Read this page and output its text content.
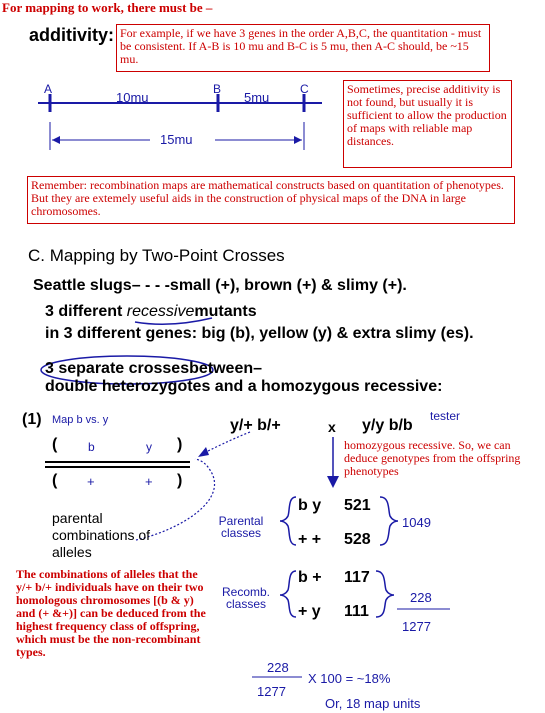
For mapping to work, there must be –
additivity: For example, if we have 3 genes in the order A,B,C, the quantitation - must be consistent. If A-B is 10 mu and B-C is 5 mu, then A-C should, be ~15 mu.
A	B	C
10mu	5mu
15mu
Sometimes, precise additivity is not found, but usually it is sufficient to allow the production of maps with reliable map distances.
Remember: recombination maps are mathematical constructs based on quantitation of phenotypes. But they are extemely useful aids in the construction of physical maps of the DNA in large chromosomes.
C. Mapping by Two-Point Crosses
Seattle slugs– - - -small (+), brown (+) & slimy (+).
3 different recessivemutants
in 3 different genes: big (b), yellow (y) & extra slimy (es).
3 separate crossesbetween–
double heterozygotes and a homozygous recessive:
(1) Map b vs. y
(	b	y )
( +	+ )
y/+ b/+	x y/y b/b
tester
homozygous recessive. So, we can deduce genotypes from the offspring phenotypes
parental combinations of alleles
Parental classes
Recomb. classes
b y 521
+ + 528
b + 117
+ y 111
1049
228
1277
The combinations of alleles that the y/+ b/+ individuals have on their two homologous chromosomes [(b & y) and (+ &+)] can be deduced from the highest frequency class of offspring, which must be the non-recombinant types.
228
1277
X 100 = ~18%
Or, 18 map units
